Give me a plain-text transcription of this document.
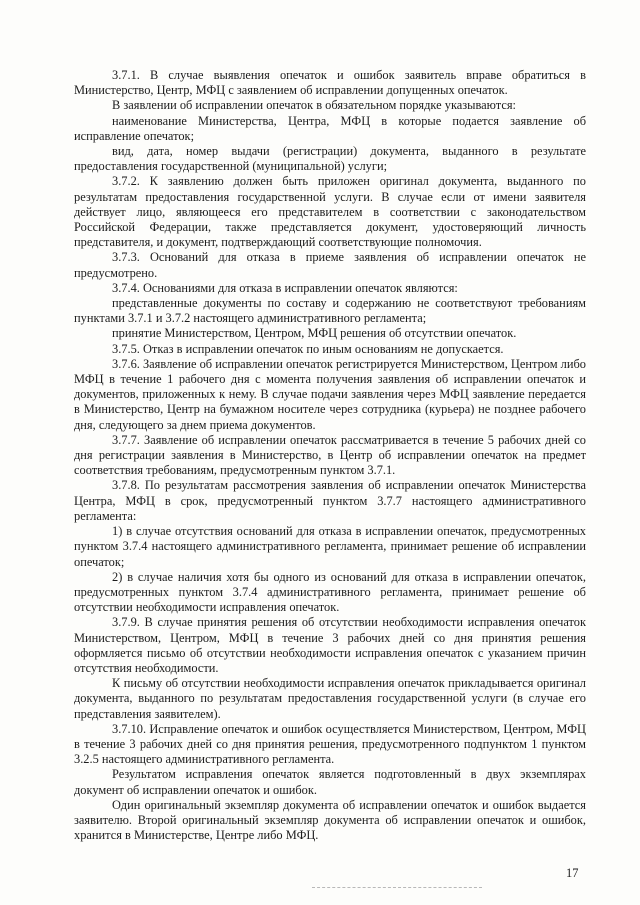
3.7.1. В случае выявления опечаток и ошибок заявитель вправе обратиться в Министерство, Центр, МФЦ с заявлением об исправлении допущенных опечаток.

В заявлении об исправлении опечаток в обязательном порядке указываются:

наименование Министерства, Центра, МФЦ в которые подается заявление об исправление опечаток;

вид, дата, номер выдачи (регистрации) документа, выданного в результате предоставления государственной (муниципальной) услуги;

3.7.2. К заявлению должен быть приложен оригинал документа, выданного по результатам предоставления государственной услуги. В случае если от имени заявителя действует лицо, являющееся его представителем в соответствии с законодательством Российской Федерации, также представляется документ, удостоверяющий личность представителя, и документ, подтверждающий соответствующие полномочия.

3.7.3. Оснований для отказа в приеме заявления об исправлении опечаток не предусмотрено.

3.7.4. Основаниями для отказа в исправлении опечаток являются:

представленные документы по составу и содержанию не соответствуют требованиям пунктами 3.7.1 и 3.7.2 настоящего административного регламента;

принятие Министерством, Центром, МФЦ решения об отсутствии опечаток.

3.7.5. Отказ в исправлении опечаток по иным основаниям не допускается.

3.7.6. Заявление об исправлении опечаток регистрируется Министерством, Центром либо МФЦ в течение 1 рабочего дня с момента получения заявления об исправлении опечаток и документов, приложенных к нему. В случае подачи заявления через МФЦ заявление передается в Министерство, Центр на бумажном носителе через сотрудника (курьера) не позднее рабочего дня, следующего за днем приема документов.

3.7.7. Заявление об исправлении опечаток рассматривается в течение 5 рабочих дней со дня регистрации заявления в Министерство, в Центр об исправлении опечаток на предмет соответствия требованиям, предусмотренным пунктом 3.7.1.

3.7.8. По результатам рассмотрения заявления об исправлении опечаток Министерства Центра, МФЦ в срок, предусмотренный пунктом 3.7.7 настоящего административного регламента:

1) в случае отсутствия оснований для отказа в исправлении опечаток, предусмотренных пунктом 3.7.4 настоящего административного регламента, принимает решение об исправлении опечаток;

2) в случае наличия хотя бы одного из оснований для отказа в исправлении опечаток, предусмотренных пунктом 3.7.4 административного регламента, принимает решение об отсутствии необходимости исправления опечаток.

3.7.9. В случае принятия решения об отсутствии необходимости исправления опечаток Министерством, Центром, МФЦ в течение 3 рабочих дней со дня принятия решения оформляется письмо об отсутствии необходимости исправления опечаток с указанием причин отсутствия необходимости.

К письму об отсутствии необходимости исправления опечаток прикладывается оригинал документа, выданного по результатам предоставления государственной услуги (в случае его представления заявителем).

3.7.10. Исправление опечаток и ошибок осуществляется Министерством, Центром, МФЦ в течение 3 рабочих дней со дня принятия решения, предусмотренного подпунктом 1 пунктом 3.2.5 настоящего административного регламента.

Результатом исправления опечаток является подготовленный в двух экземплярах документ об исправлении опечаток и ошибок.

Один оригинальный экземпляр документа об исправлении опечаток и ошибок выдается заявителю. Второй оригинальный экземпляр документа об исправлении опечаток и ошибок, хранится в Министерстве, Центре либо МФЦ.

17
